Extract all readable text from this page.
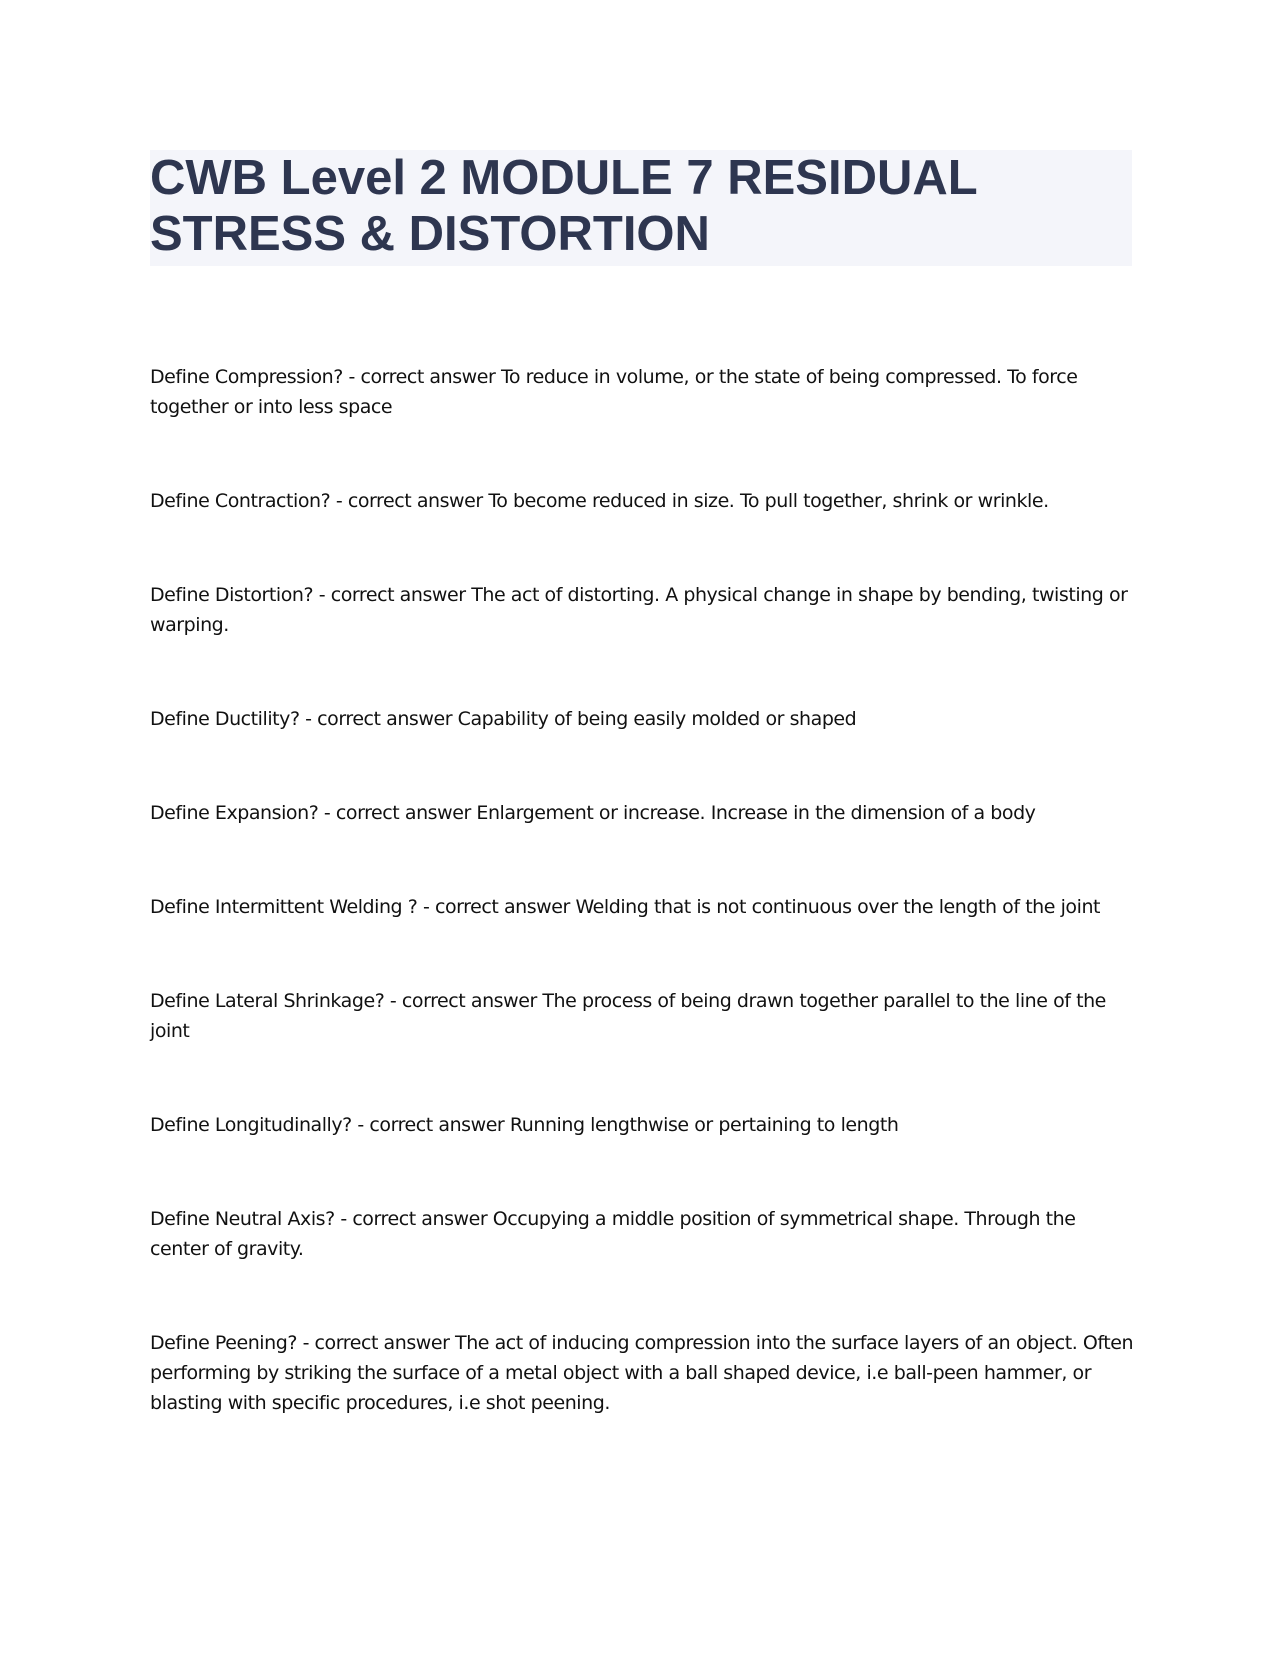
CWB Level 2 MODULE 7 RESIDUAL STRESS & DISTORTION

Define Compression? - correct answer To reduce in volume, or the state of being compressed. To force together or into less space

Define Contraction? - correct answer To become reduced in size. To pull together, shrink or wrinkle.

Define Distortion? - correct answer The act of distorting. A physical change in shape by bending, twisting or warping.

Define Ductility? - correct answer Capability of being easily molded or shaped

Define Expansion? - correct answer Enlargement or increase. Increase in the dimension of a body

Define Intermittent Welding ? - correct answer Welding that is not continuous over the length of the joint

Define Lateral Shrinkage? - correct answer The process of being drawn together parallel to the line of the joint

Define Longitudinally? - correct answer Running lengthwise or pertaining to length

Define Neutral Axis? - correct answer Occupying a middle position of symmetrical shape. Through the center of gravity.

Define Peening? - correct answer The act of inducing compression into the surface layers of an object. Often performing by striking the surface of a metal object with a ball shaped device, i.e ball-peen hammer, or blasting with specific procedures, i.e shot peening.
